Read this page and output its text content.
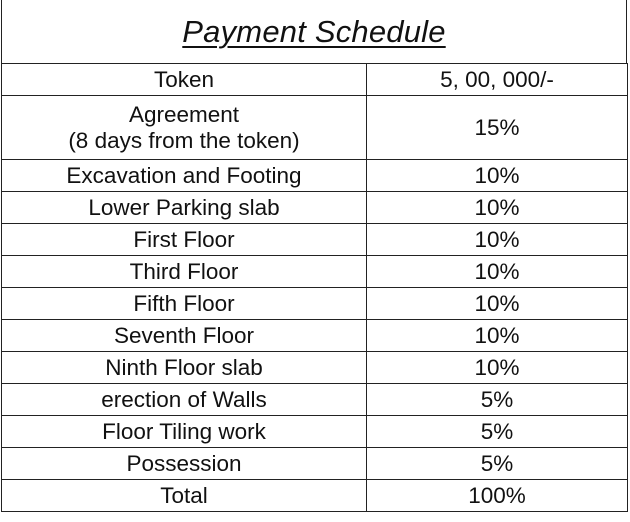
Payment Schedule
Token	5, 00, 000/-

Agreement
(8 days from the token)	15%
Excavation and Footing	10%
Lower Parking slab	10%
First Floor	10%
Third Floor	10%
Fifth Floor	10%
Seventh Floor	10%
Ninth Floor slab	10%
erection of Walls	5%
Floor Tiling work	5%
Possession	5%
Total	100%
